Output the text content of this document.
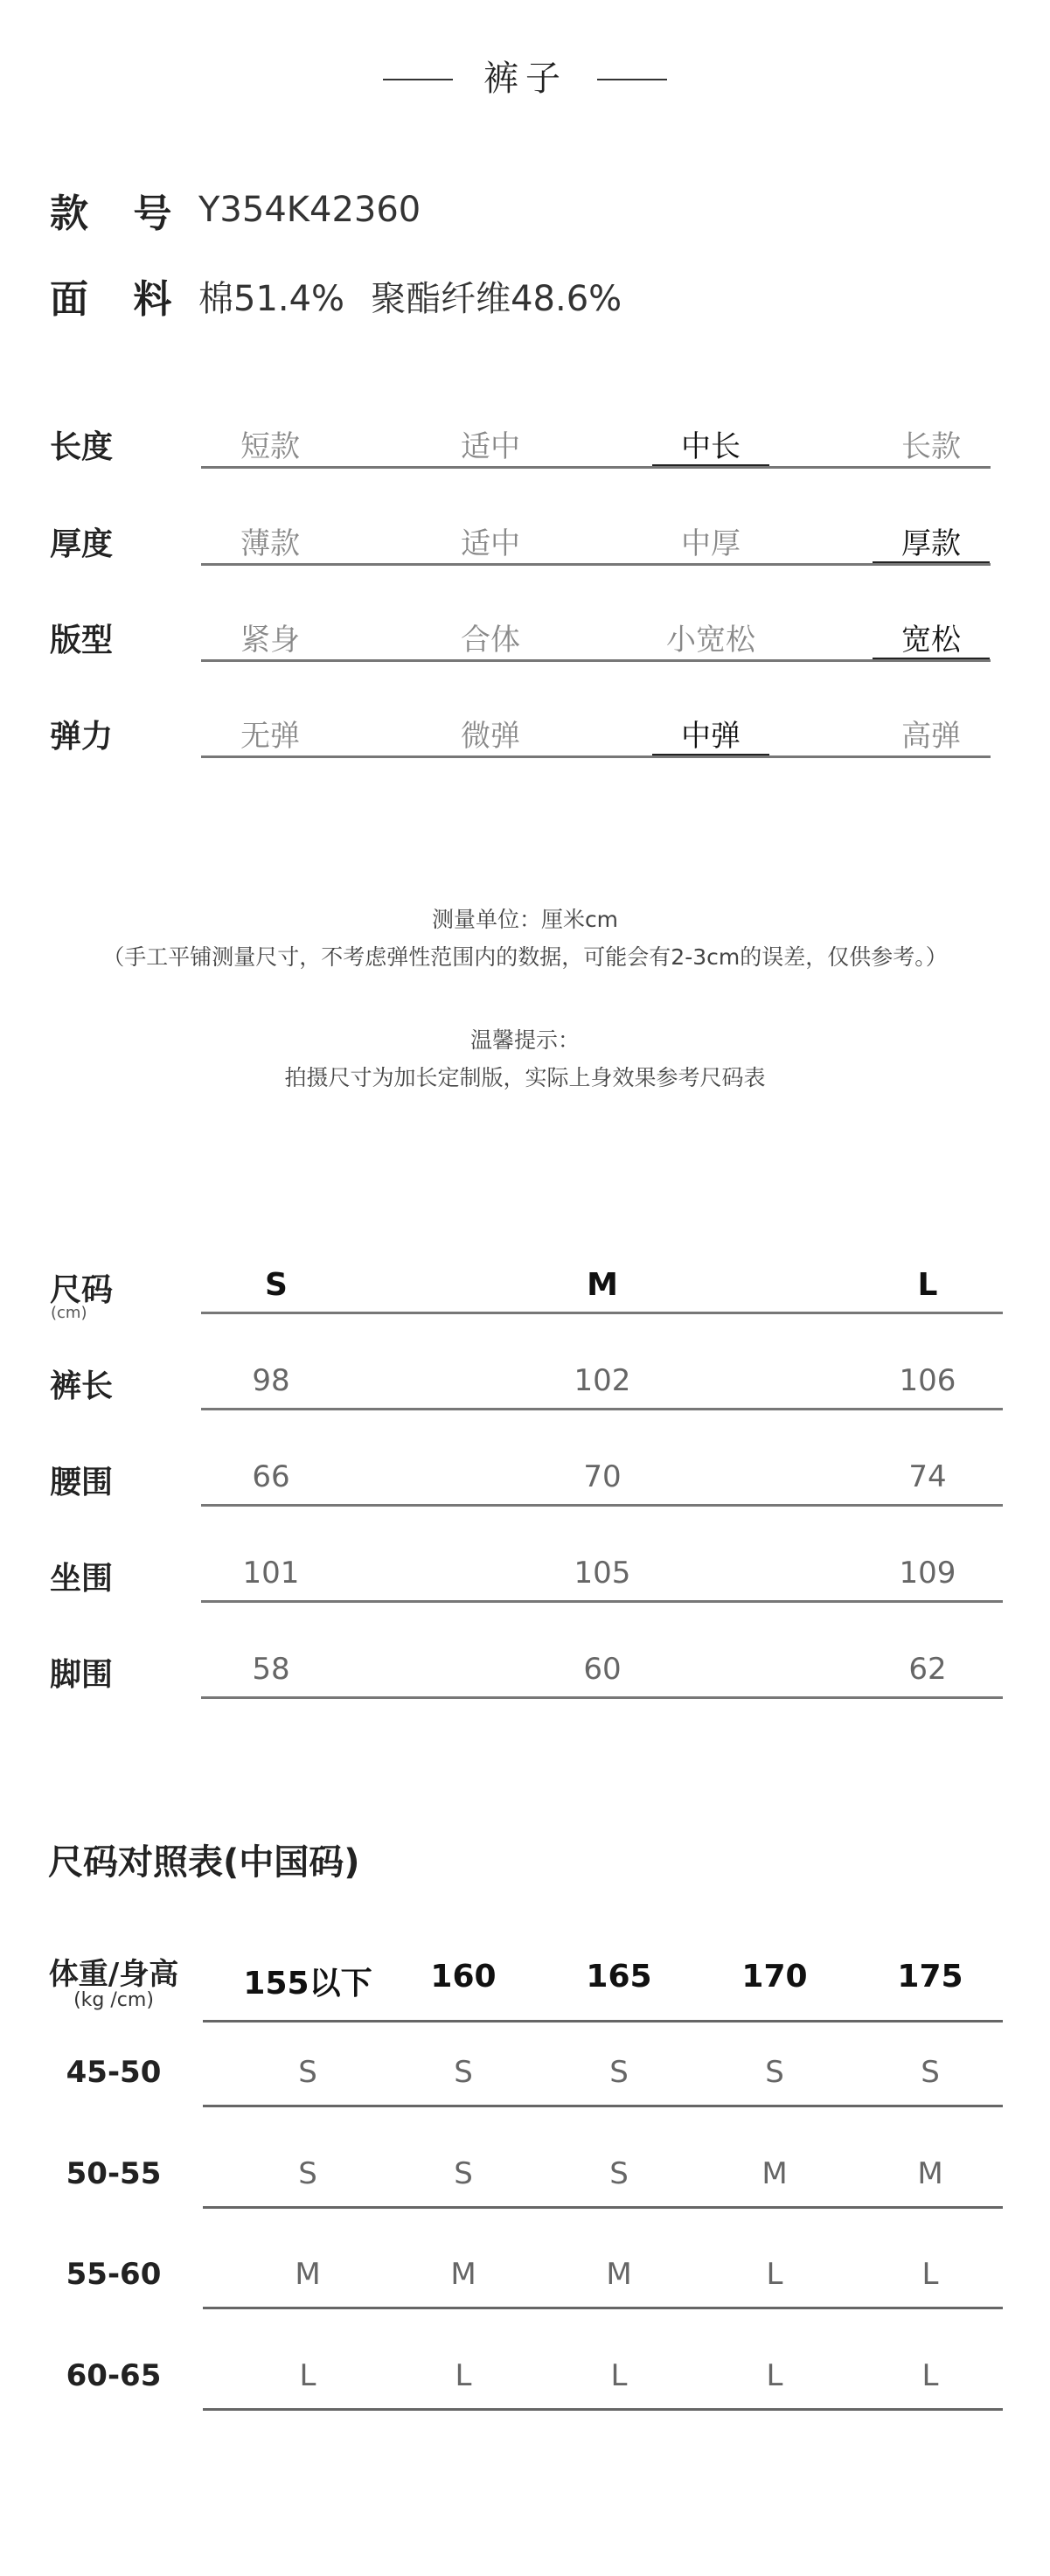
裤子
款 号 Y354K42360
面 料 棉51.4% 聚酯纤维48.6%
长度	短款	适中	中长	长款
厚度	薄款	适中	中厚	厚款
版型	紧身	合体	小宽松	宽松
弹力	无弹	微弹	中弹	高弹
测量单位：厘米cm
（手工平铺测量尺寸，不考虑弹性范围内的数据，可能会有2-3cm的误差，仅供参考。）
温馨提示：
拍摄尺寸为加长定制版，实际上身效果参考尺码表
尺码
(cm)
S	M	L
裤长	98	102	106
腰围	66	70	74
坐围	101	105	109
脚围	58	60	62
尺码对照表(中国码)
体重/身高
(kg /cm)	155以下	160	165	170	175
45-50	S	S	S	S	S
50-55	S	S	S	M	M
55-60	M	M	M	L	L
60-65	L	L	L	L	L
